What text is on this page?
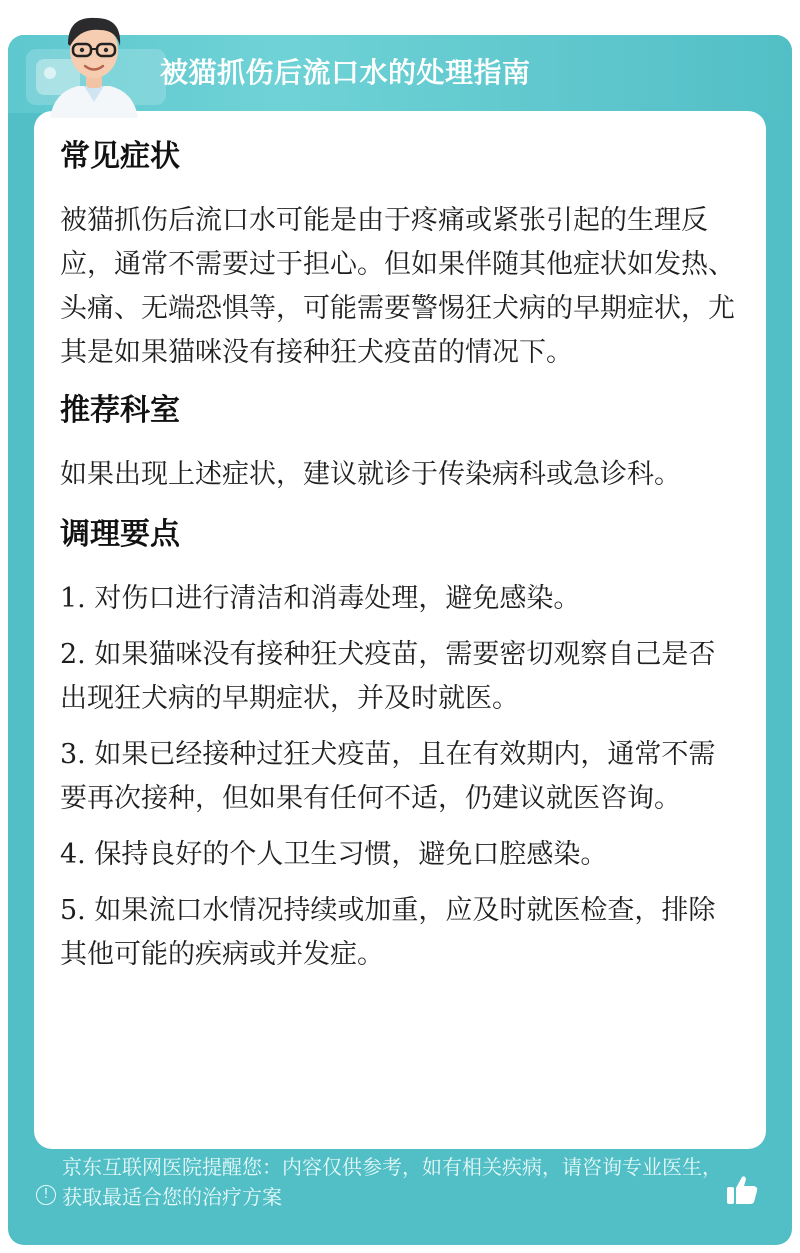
被猫抓伤后流口水的处理指南
常见症状
被猫抓伤后流口水可能是由于疼痛或紧张引起的生理反应，通常不需要过于担心。但如果伴随其他症状如发热、头痛、无端恐惧等，可能需要警惕狂犬病的早期症状，尤其是如果猫咪没有接种狂犬疫苗的情况下。
推荐科室
如果出现上述症状，建议就诊于传染病科或急诊科。
调理要点
1. 对伤口进行清洁和消毒处理，避免感染。
2. 如果猫咪没有接种狂犬疫苗，需要密切观察自己是否出现狂犬病的早期症状，并及时就医。
3. 如果已经接种过狂犬疫苗，且在有效期内，通常不需要再次接种，但如果有任何不适，仍建议就医咨询。
4. 保持良好的个人卫生习惯，避免口腔感染。
5. 如果流口水情况持续或加重，应及时就医检查，排除其他可能的疾病或并发症。
!
京东互联网医院提醒您：内容仅供参考，如有相关疾病，请咨询专业医生，获取最适合您的治疗方案
